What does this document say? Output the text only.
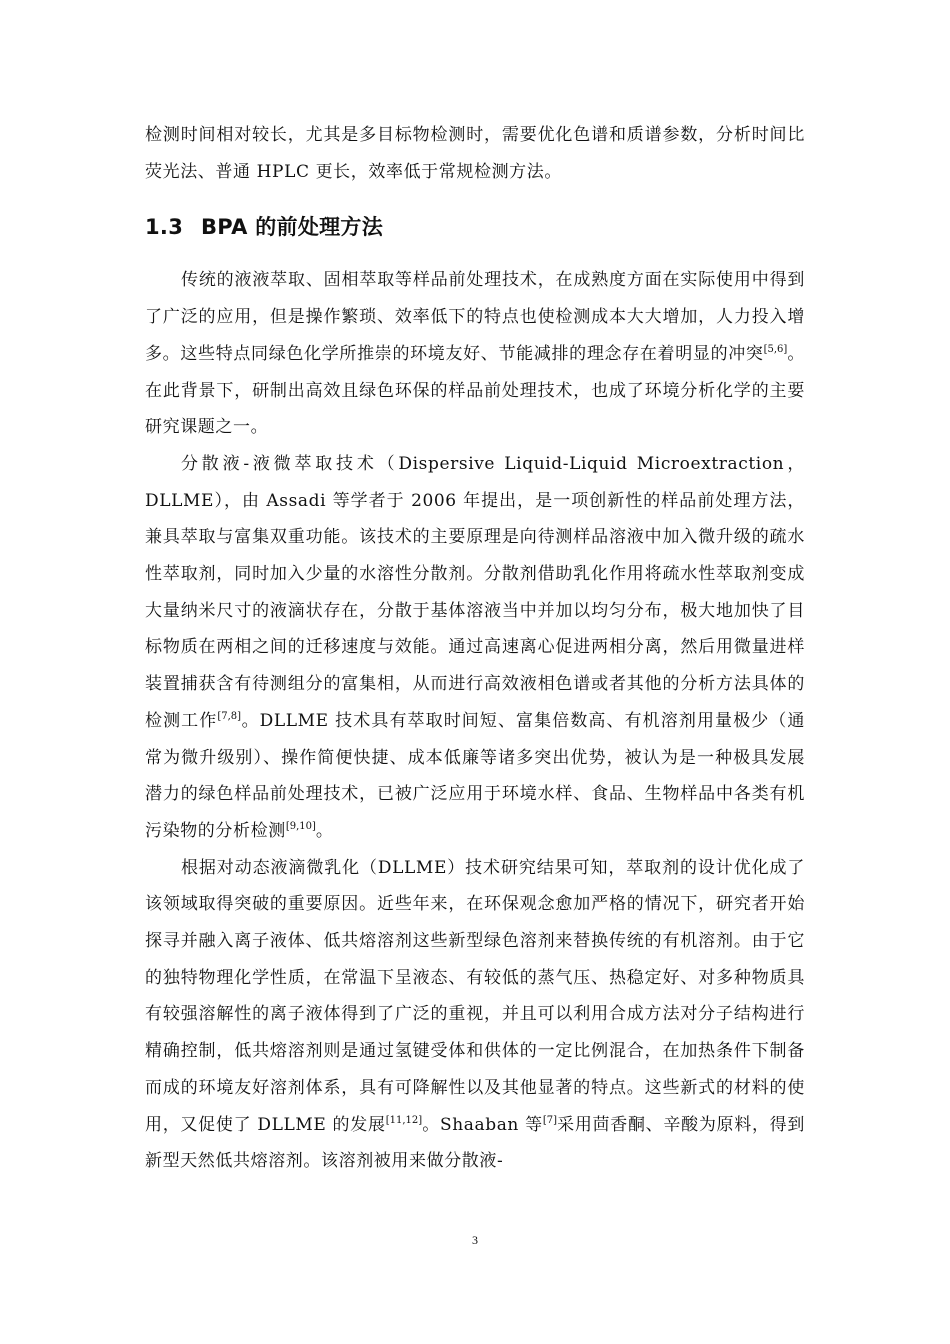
检测时间相对较长，尤其是多目标物检测时，需要优化色谱和质谱参数，分析时间比荧光法、普通 HPLC 更长，效率低于常规检测方法。

1.3 BPA 的前处理方法

传统的液液萃取、固相萃取等样品前处理技术，在成熟度方面在实际使用中得到了广泛的应用，但是操作繁琐、效率低下的特点也使检测成本大大增加，人力投入增多。这些特点同绿色化学所推崇的环境友好、节能减排的理念存在着明显的冲突[5,6]。在此背景下，研制出高效且绿色环保的样品前处理技术，也成了环境分析化学的主要研究课题之一。

分散液-液微萃取技术（Dispersive Liquid-Liquid Microextraction，DLLME），由 Assadi 等学者于 2006 年提出，是一项创新性的样品前处理方法，兼具萃取与富集双重功能。该技术的主要原理是向待测样品溶液中加入微升级的疏水性萃取剂，同时加入少量的水溶性分散剂。分散剂借助乳化作用将疏水性萃取剂变成大量纳米尺寸的液滴状存在，分散于基体溶液当中并加以均匀分布，极大地加快了目标物质在两相之间的迁移速度与效能。通过高速离心促进两相分离，然后用微量进样装置捕获含有待测组分的富集相，从而进行高效液相色谱或者其他的分析方法具体的检测工作[7,8]。DLLME 技术具有萃取时间短、富集倍数高、有机溶剂用量极少（通常为微升级别）、操作简便快捷、成本低廉等诸多突出优势，被认为是一种极具发展潜力的绿色样品前处理技术，已被广泛应用于环境水样、食品、生物样品中各类有机污染物的分析检测[9,10]。

根据对动态液滴微乳化（DLLME）技术研究结果可知，萃取剂的设计优化成了该领域取得突破的重要原因。近些年来，在环保观念愈加严格的情况下，研究者开始探寻并融入离子液体、低共熔溶剂这些新型绿色溶剂来替换传统的有机溶剂。由于它的独特物理化学性质，在常温下呈液态、有较低的蒸气压、热稳定好、对多种物质具有较强溶解性的离子液体得到了广泛的重视，并且可以利用合成方法对分子结构进行精确控制，低共熔溶剂则是通过氢键受体和供体的一定比例混合，在加热条件下制备而成的环境友好溶剂体系，具有可降解性以及其他显著的特点。这些新式的材料的使用，又促使了 DLLME 的发展[11,12]。Shaaban 等[7]采用茴香酮、辛酸为原料，得到新型天然低共熔溶剂。该溶剂被用来做分散液-

3
